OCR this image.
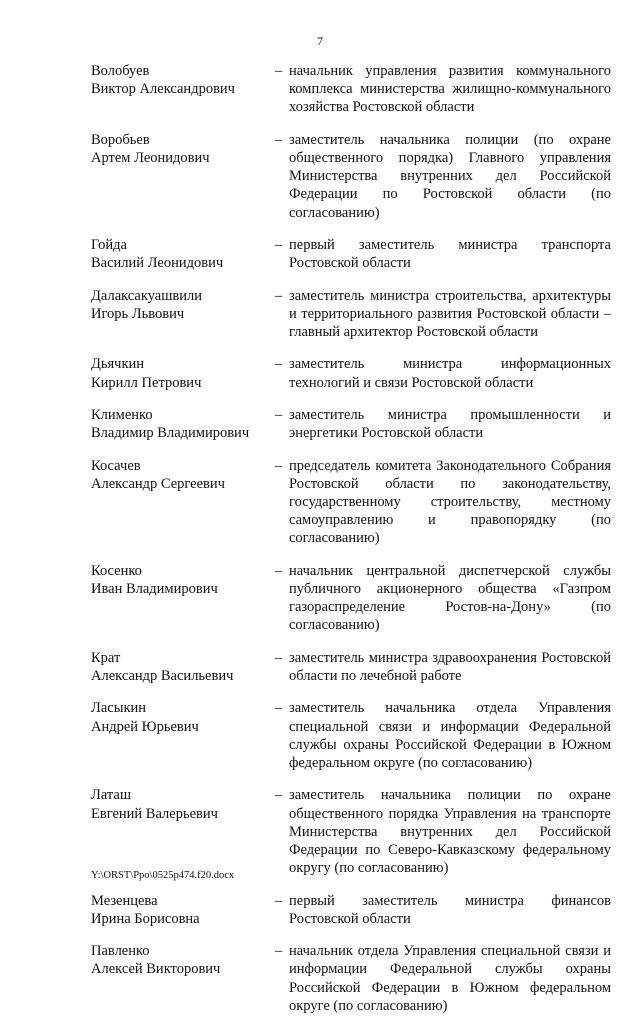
7
Волобуев
Виктор Александрович
– начальник управления развития коммунального комплекса министерства жилищно-коммунального хозяйства Ростовской области
Воробьев
Артем Леонидович
– заместитель начальника полиции (по охране общественного порядка) Главного управления Министерства внутренних дел Российской Федерации по Ростовской области (по согласованию)
Гойда
Василий Леонидович
– первый заместитель министра транспорта Ростовской области
Далаксакуашвили
Игорь Львович
– заместитель министра строительства, архитектуры и территориального развития Ростовской области – главный архитектор Ростовской области
Дьячкин
Кирилл Петрович
– заместитель министра информационных технологий и связи Ростовской области
Клименко
Владимир Владимирович
– заместитель министра промышленности и энергетики Ростовской области
Косачев
Александр Сергеевич
– председатель комитета Законодательного Собрания Ростовской области по законодательству, государственному строительству, местному самоуправлению и правопорядку (по согласованию)
Косенко
Иван Владимирович
– начальник центральной диспетчерской службы публичного акционерного общества «Газпром газораспределение Ростов-на-Дону» (по согласованию)
Крат
Александр Васильевич
– заместитель министра здравоохранения Ростовской области по лечебной работе
Ласыкин
Андрей Юрьевич
– заместитель начальника отдела Управления специальной связи и информации Федеральной службы охраны Российской Федерации в Южном федеральном округе (по согласованию)
Латаш
Евгений Валерьевич
– заместитель начальника полиции по охране общественного порядка Управления на транспорте Министерства внутренних дел Российской Федерации по Северо-Кавказскому федеральному округу (по согласованию)
Мезенцева
Ирина Борисовна
– первый заместитель министра финансов Ростовской области
Павленко
Алексей Викторович
– начальник отдела Управления специальной связи и информации Федеральной службы охраны Российской Федерации в Южном федеральном округе (по согласованию)
Y:\ORST\Ppo\0525p474.f20.docx
